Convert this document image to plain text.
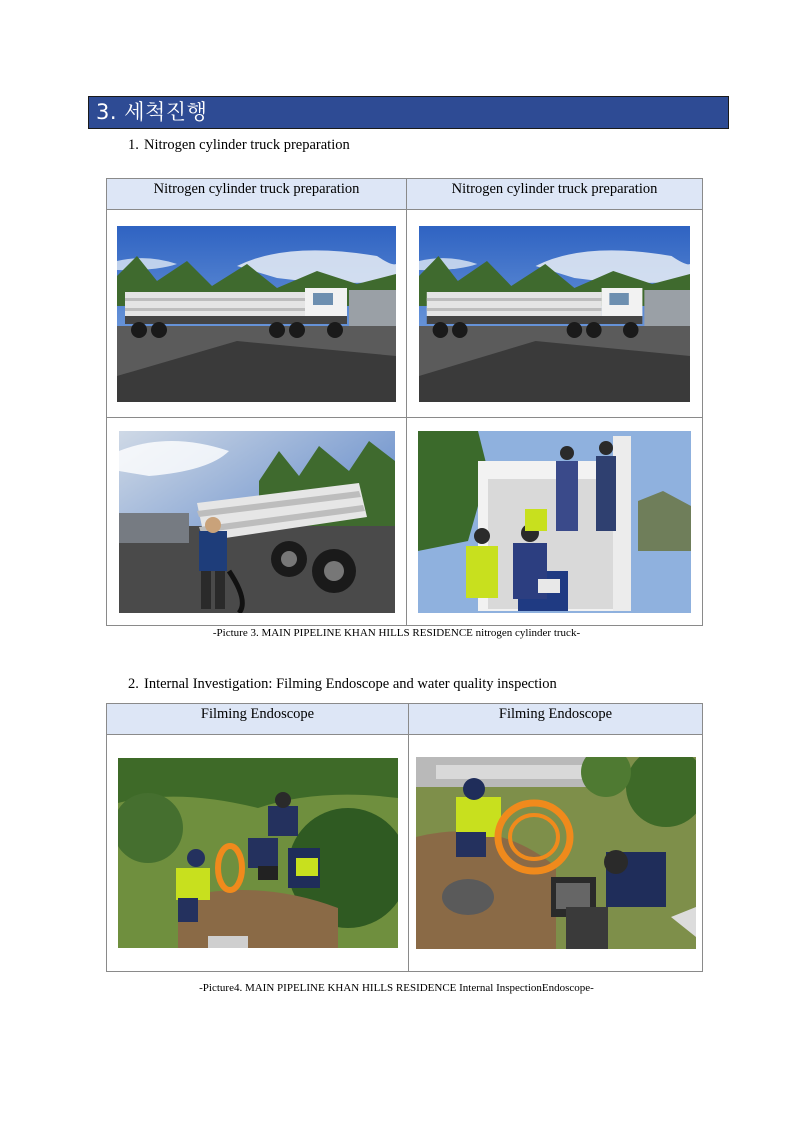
3. 세척진행
1. Nitrogen cylinder truck preparation
Nitrogen cylinder truck preparation	Nitrogen cylinder truck preparation

-Picture 3. MAIN PIPELINE KHAN HILLS RESIDENCE nitrogen cylinder truck-
2. Internal Investigation: Filming Endoscope and water quality inspection
Filming Endoscope	Filming Endoscope

-Picture4. MAIN PIPELINE KHAN HILLS RESIDENCE Internal InspectionEndoscope-
